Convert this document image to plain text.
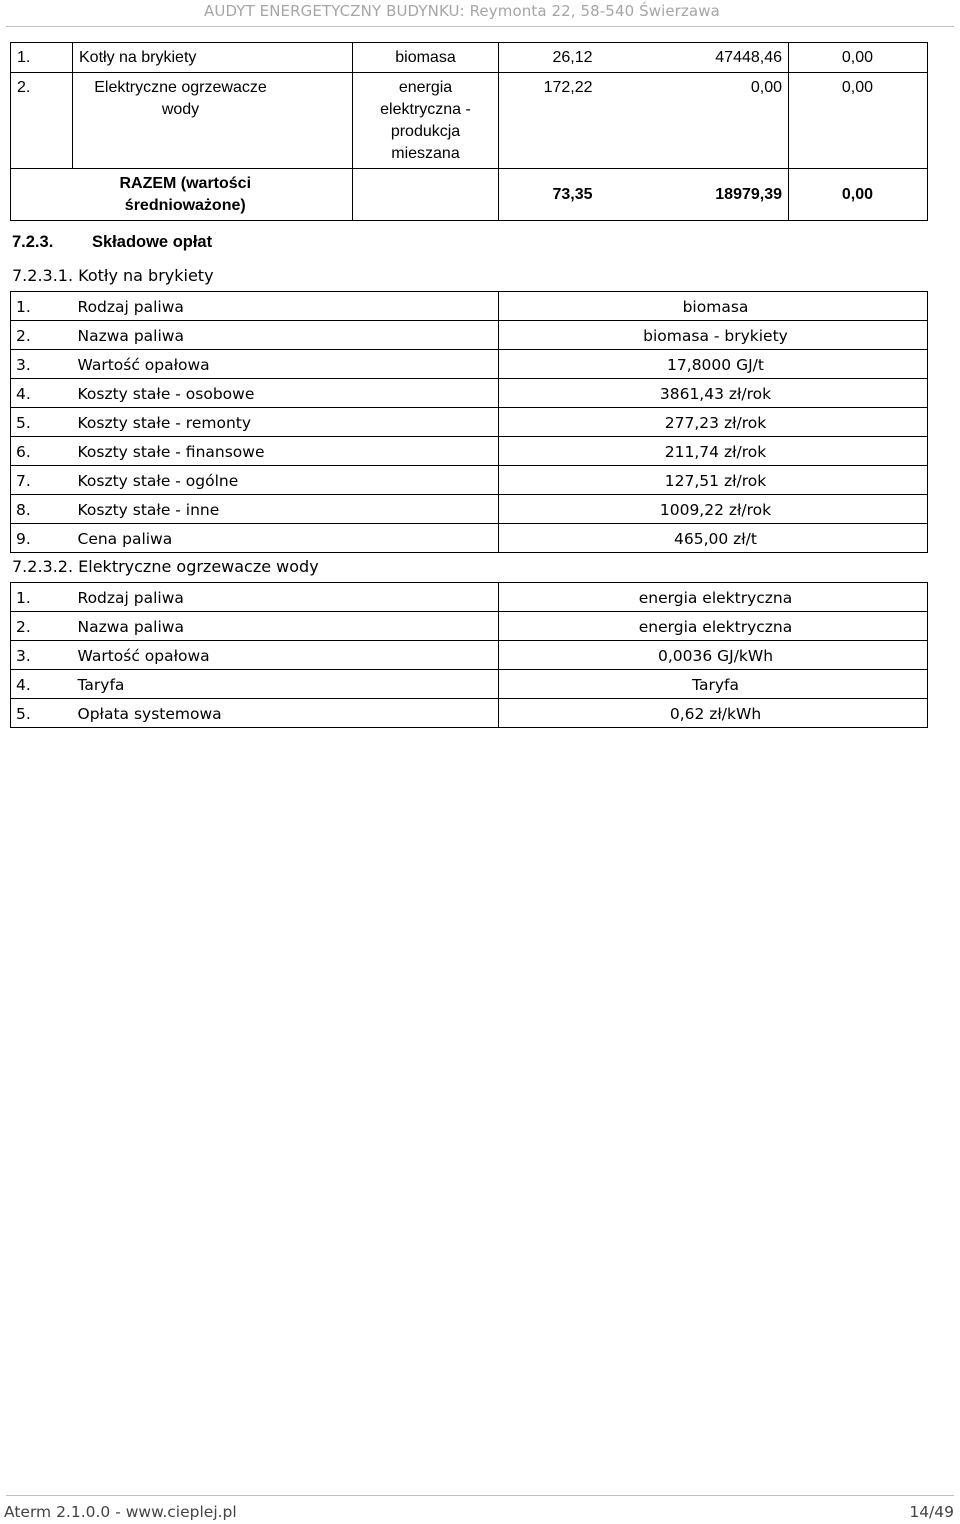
AUDYT ENERGETYCZNY BUDYNKU: Reymonta 22, 58-540 Świerzawa
1.	Kotły na brykiety	biomasa	26,12	47448,46	0,00
2.	Elektryczne ogrzewacze wody	energia elektryczna - produkcja mieszana	172,22	0,00	0,00
	RAZEM (wartości średnioważone)		73,35	18979,39	0,00
7.2.3. Składowe opłat
7.2.3.1. Kotły na brykiety
1.	Rodzaj paliwa	biomasa
2.	Nazwa paliwa	biomasa - brykiety
3.	Wartość opałowa	17,8000 GJ/t
4.	Koszty stałe - osobowe	3861,43 zł/rok
5.	Koszty stałe - remonty	277,23 zł/rok
6.	Koszty stałe - finansowe	211,74 zł/rok
7.	Koszty stałe - ogólne	127,51 zł/rok
8.	Koszty stałe - inne	1009,22 zł/rok
9.	Cena paliwa	465,00 zł/t
7.2.3.2. Elektryczne ogrzewacze wody
1.	Rodzaj paliwa	energia elektryczna
2.	Nazwa paliwa	energia elektryczna
3.	Wartość opałowa	0,0036 GJ/kWh
4.	Taryfa	Taryfa
5.	Opłata systemowa	0,62 zł/kWh
Aterm 2.1.0.0 - www.cieplej.pl	14/49
